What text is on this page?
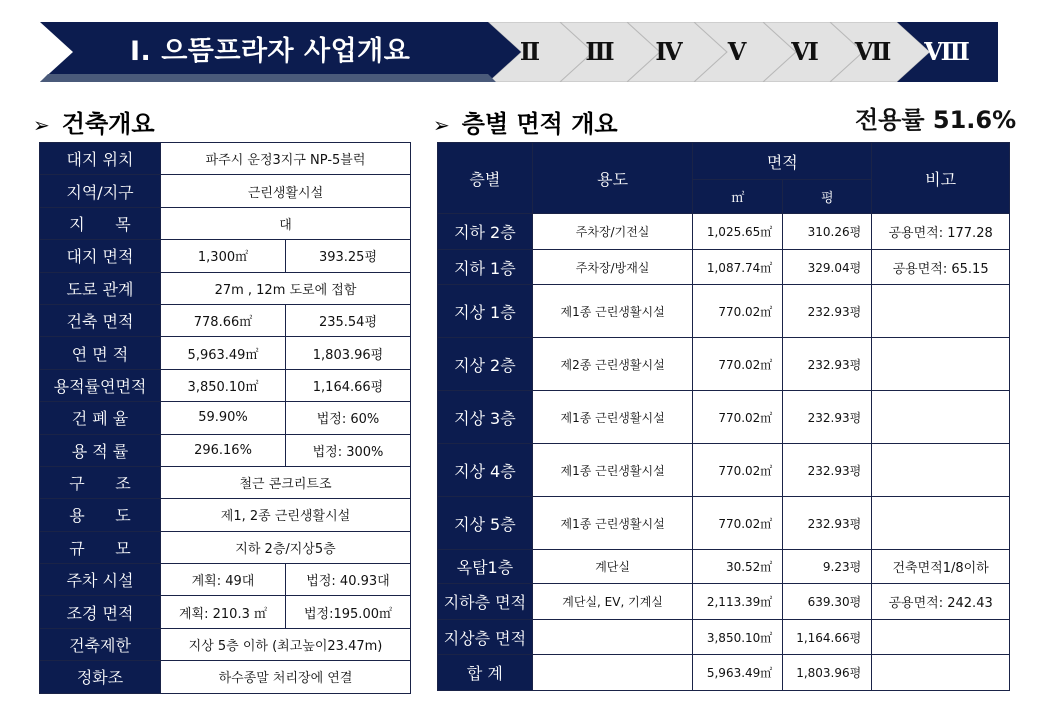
Ⅰ. 으뜸프라자 사업개요	Ⅱ	Ⅲ	Ⅳ	Ⅴ	Ⅵ	Ⅶ	Ⅷ
➢ 건축개요	➢ 층별 면적 개요	전용률 51.6%
대지 위치	파주시 운정3지구 NP-5블럭	
지역/지구	근린생활시설	
지      목	대	
대지 면적	1,300㎡	393.25평
도로 관계	27m , 12m 도로에 접함	
건축 면적	778.66㎡	235.54평
연 면 적	5,963.49㎡	1,803.96평
용적률연면적	3,850.10㎡	1,164.66평
건 폐 율	59.90%	법정: 60%
용 적 률	296.16%	법정: 300%
구      조	철근 콘크리트조	
용      도	제1, 2종 근린생활시설	
규      모	지하 2층/지상5층	
주차 시설	계획: 49대	법정: 40.93대
조경 면적	계획: 210.3 ㎡	법정:195.00㎡
건축제한	지상 5층 이하 (최고높이23.47m)	
정화조	하수종말 처리장에 연결	
층별	용도	면적		비고
		㎡	평	
지하 2층	주차장/기전실	1,025.65㎡	310.26평	공용면적: 177.28
지하 1층	주차장/방재실	1,087.74㎡	329.04평	공용면적: 65.15
지상 1층	제1종 근린생활시설	770.02㎡	232.93평	
지상 2층	제2종 근린생활시설	770.02㎡	232.93평	
지상 3층	제1종 근린생활시설	770.02㎡	232.93평	
지상 4층	제1종 근린생활시설	770.02㎡	232.93평	
지상 5층	제1종 근린생활시설	770.02㎡	232.93평	
옥탑1층	계단실	30.52㎡	9.23평	건축면적1/8이하
지하층 면적	계단실, EV, 기계실	2,113.39㎡	639.30평	공용면적: 242.43
지상층 면적		3,850.10㎡	1,164.66평	
합 계		5,963.49㎡	1,803.96평	
